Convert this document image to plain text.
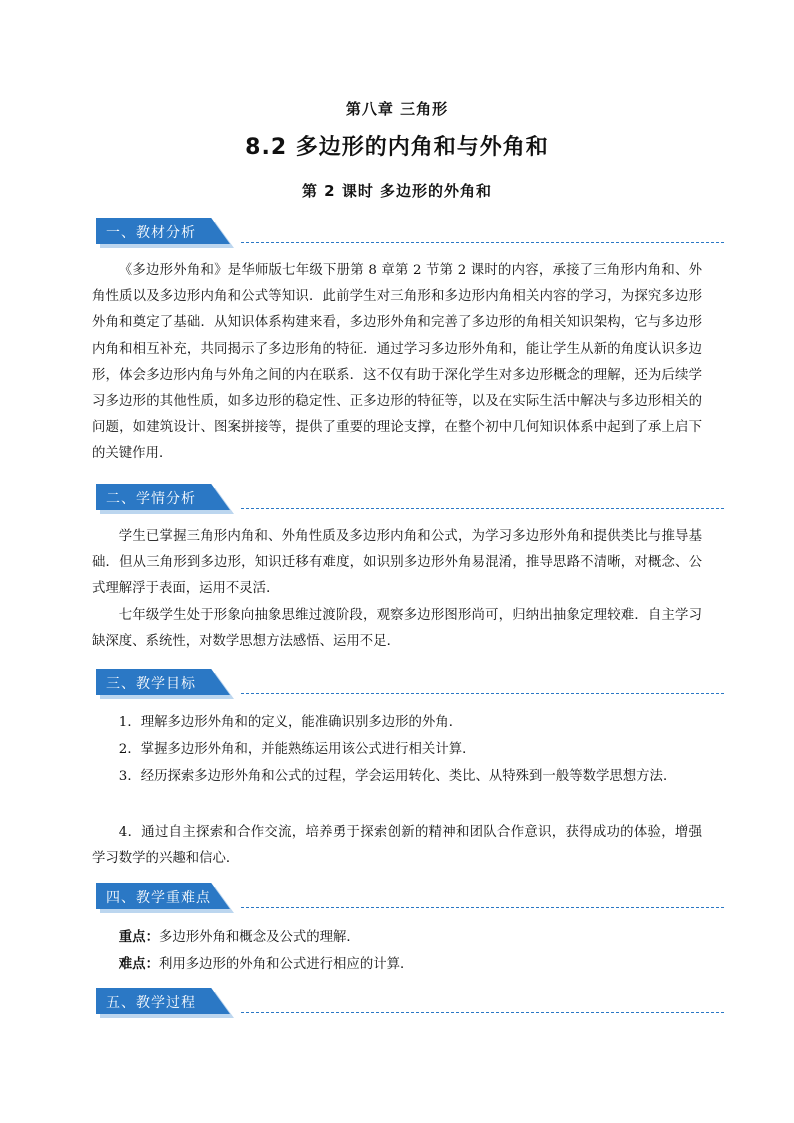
第八章 三角形
8.2 多边形的内角和与外角和
第 2 课时 多边形的外角和
一、教材分析

《多边形外角和》是华师版七年级下册第 8 章第 2 节第 2 课时的内容，承接了三角形内角和、外角性质以及多边形内角和公式等知识．此前学生对三角形和多边形内角相关内容的学习，为探究多边形外角和奠定了基础．从知识体系构建来看，多边形外角和完善了多边形的角相关知识架构，它与多边形内角和相互补充，共同揭示了多边形角的特征．通过学习多边形外角和，能让学生从新的角度认识多边形，体会多边形内角与外角之间的内在联系．这不仅有助于深化学生对多边形概念的理解，还为后续学习多边形的其他性质，如多边形的稳定性、正多边形的特征等，以及在实际生活中解决与多边形相关的问题，如建筑设计、图案拼接等，提供了重要的理论支撑，在整个初中几何知识体系中起到了承上启下的关键作用．

二、学情分析

学生已掌握三角形内角和、外角性质及多边形内角和公式，为学习多边形外角和提供类比与推导基础．但从三角形到多边形，知识迁移有难度，如识别多边形外角易混淆，推导思路不清晰，对概念、公式理解浮于表面，运用不灵活．

七年级学生处于形象向抽象思维过渡阶段，观察多边形图形尚可，归纳出抽象定理较难．自主学习缺深度、系统性，对数学思想方法感悟、运用不足．

三、教学目标

1．理解多边形外角和的定义，能准确识别多边形的外角．

2．掌握多边形外角和，并能熟练运用该公式进行相关计算．

3．经历探索多边形外角和公式的过程，学会运用转化、类比、从特殊到一般等数学思想方法．

4．通过自主探索和合作交流，培养勇于探索创新的精神和团队合作意识，获得成功的体验，增强学习数学的兴趣和信心．

四、教学重难点

重点：多边形外角和概念及公式的理解．

难点：利用多边形的外角和公式进行相应的计算．

五、教学过程
